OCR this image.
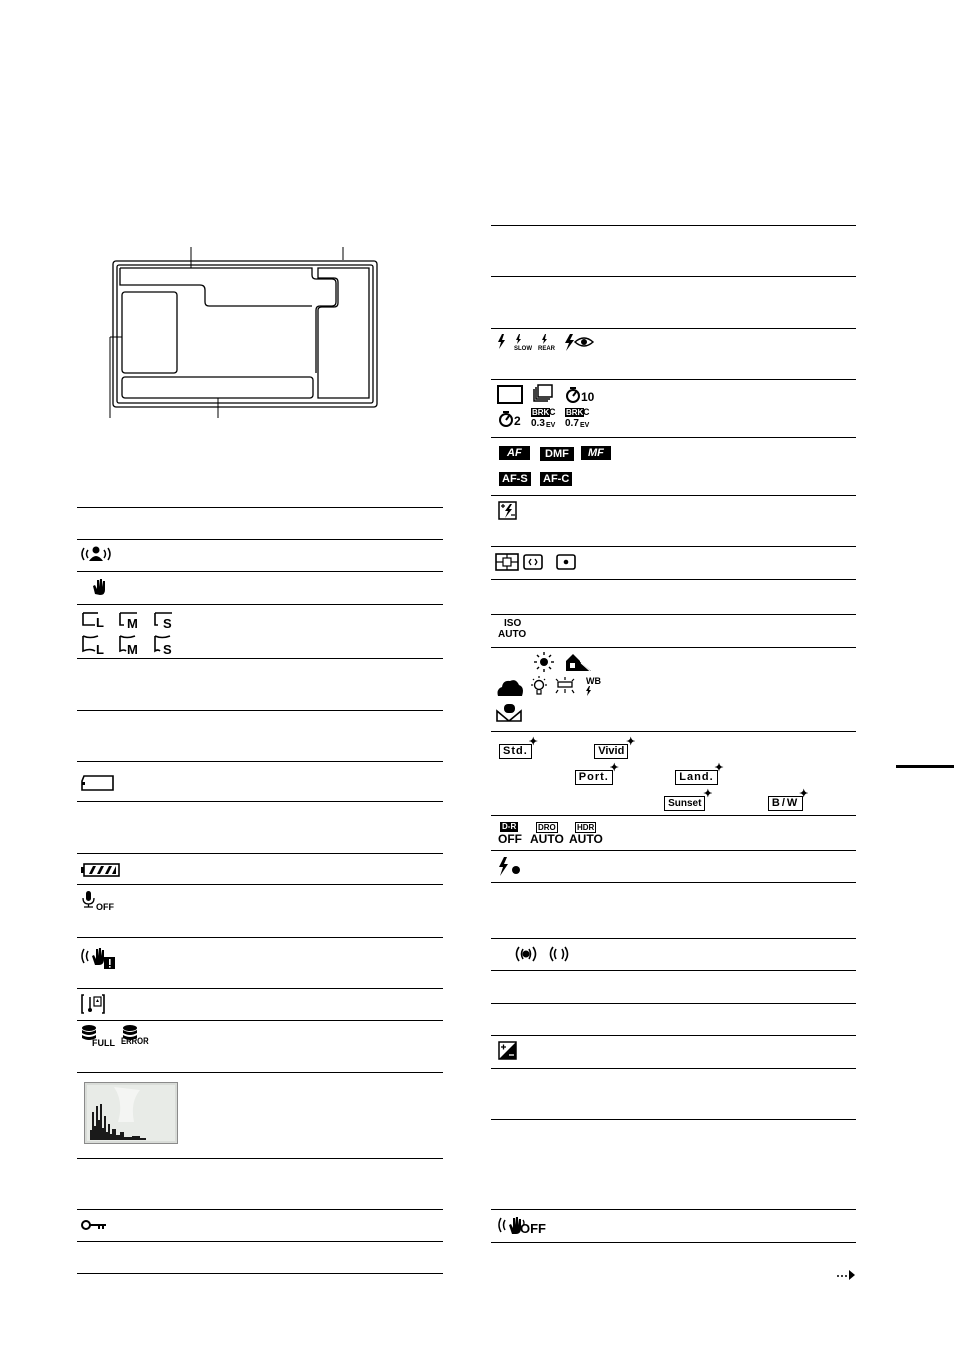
L M S
L M S
OFF
FULL ERROR
SLOW REAR
10
2
BRK C
0.3 EV
BRK C
0.7 EV
AF	DMF	MF
AF-S AF-C
ISO
AUTO
WB
Std.
✦
Vivid
✦
Port.
✦
Land.
✦
Sunset
✦
B/W
✦
D-R
OFF
DRO
AUTO
HDR
AUTO
OFF
